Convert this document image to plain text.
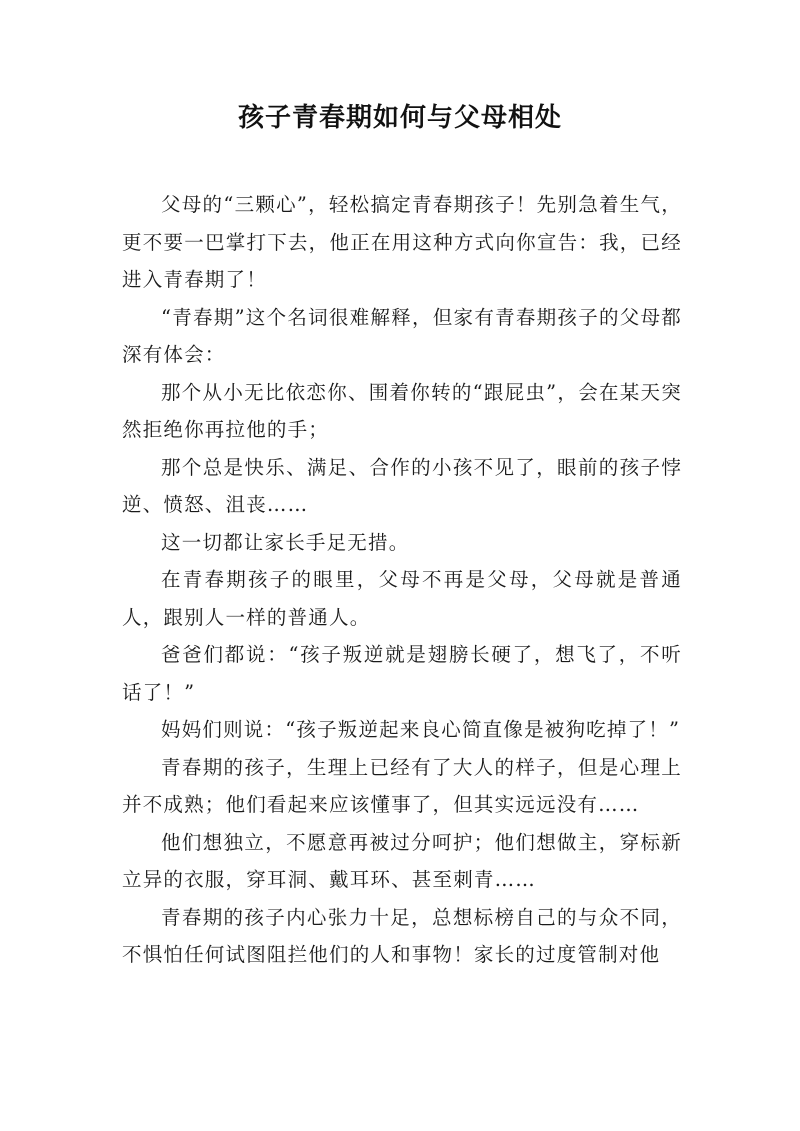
孩子青春期如何与父母相处

父母的“三颗心”，轻松搞定青春期孩子！先别急着生气，更不要一巴掌打下去，他正在用这种方式向你宣告：我，已经进入青春期了！

“青春期”这个名词很难解释，但家有青春期孩子的父母都深有体会：

那个从小无比依恋你、围着你转的“跟屁虫”，会在某天突然拒绝你再拉他的手；

那个总是快乐、满足、合作的小孩不见了，眼前的孩子悖逆、愤怒、沮丧……

这一切都让家长手足无措。

在青春期孩子的眼里，父母不再是父母，父母就是普通人，跟别人一样的普通人。

爸爸们都说：“孩子叛逆就是翅膀长硬了，想飞了，不听话了！”

妈妈们则说：“孩子叛逆起来良心简直像是被狗吃掉了！”

青春期的孩子，生理上已经有了大人的样子，但是心理上并不成熟；他们看起来应该懂事了，但其实远远没有……

他们想独立，不愿意再被过分呵护；他们想做主，穿标新立异的衣服，穿耳洞、戴耳环、甚至刺青……

青春期的孩子内心张力十足，总想标榜自己的与众不同，不惧怕任何试图阻拦他们的人和事物！家长的过度管制对他
